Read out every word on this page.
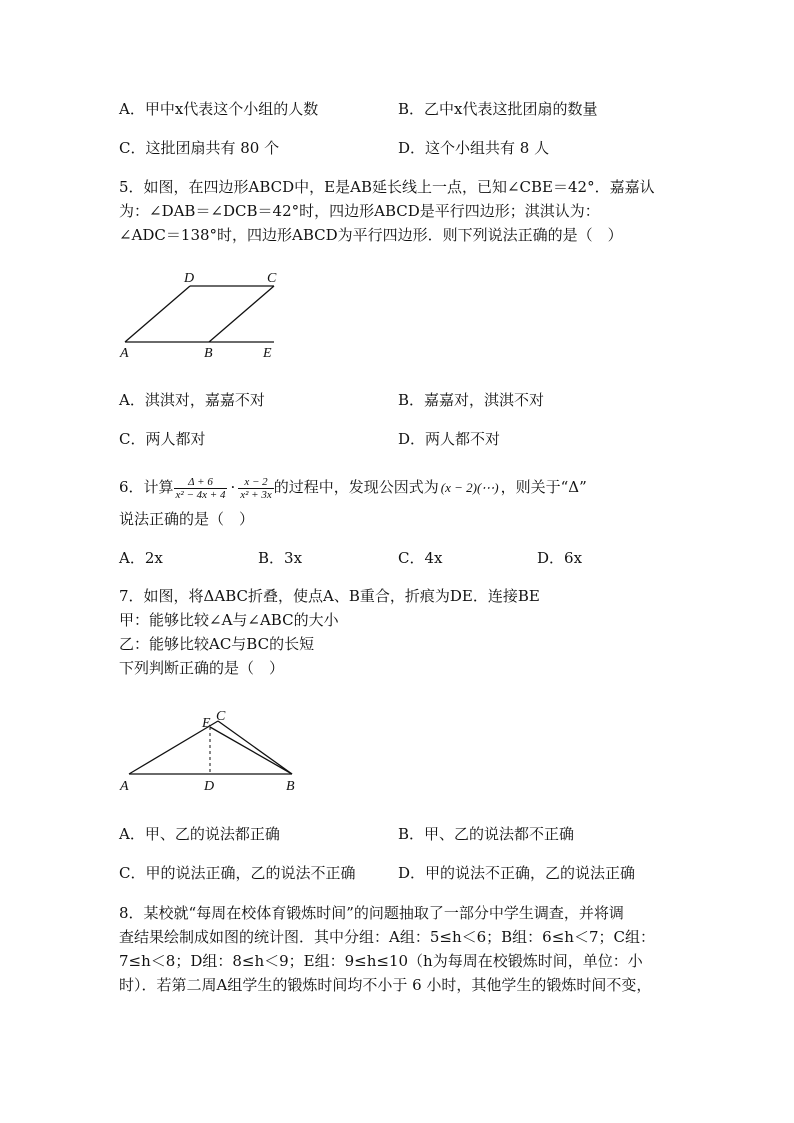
A．甲中x代表这个小组的人数	B．乙中x代表这批团扇的数量
C．这批团扇共有 80 个	D．这个小组共有 8 人
5．如图，在四边形ABCD中，E是AB延长线上一点，已知∠CBE＝42°．嘉嘉认
为：∠DAB＝∠DCB＝42°时，四边形ABCD是平行四边形；淇淇认为：
∠ADC＝138°时，四边形ABCD为平行四边形．则下列说法正确的是（　）
D	C
A	B	E
A．淇淇对，嘉嘉不对	B．嘉嘉对，淇淇不对
C．两人都对	D．两人都不对
6．计算 $\frac{\Delta + 6}{\text{x² − 4x + 4}} \cdot \frac{x - 2}{\text{x² + 3x}}$ 的过程中，发现公因式为 (x − 2)(⋯) ，则关于“Δ”
说法正确的是（　）
A．2x	B．3x	C．4x	D．6x
7．如图，将ΔABC折叠，使点A、B重合，折痕为DE．连接BE
甲：能够比较∠A与∠ABC的大小
乙：能够比较AC与BC的长短
下列判断正确的是（　）
E C
A	D	B
A．甲、乙的说法都正确	B．甲、乙的说法都不正确
C．甲的说法正确，乙的说法不正确	D．甲的说法不正确，乙的说法正确
8．某校就“每周在校体育锻炼时间”的问题抽取了一部分中学生调查，并将调
查结果绘制成如图的统计图．其中分组：A组：5≤h＜6；B组：6≤h＜7；C组：
7≤h＜8；D组：8≤h＜9；E组：9≤h≤10（h为每周在校锻炼时间，单位：小
时）．若第二周A组学生的锻炼时间均不小于 6 小时，其他学生的锻炼时间不变，
